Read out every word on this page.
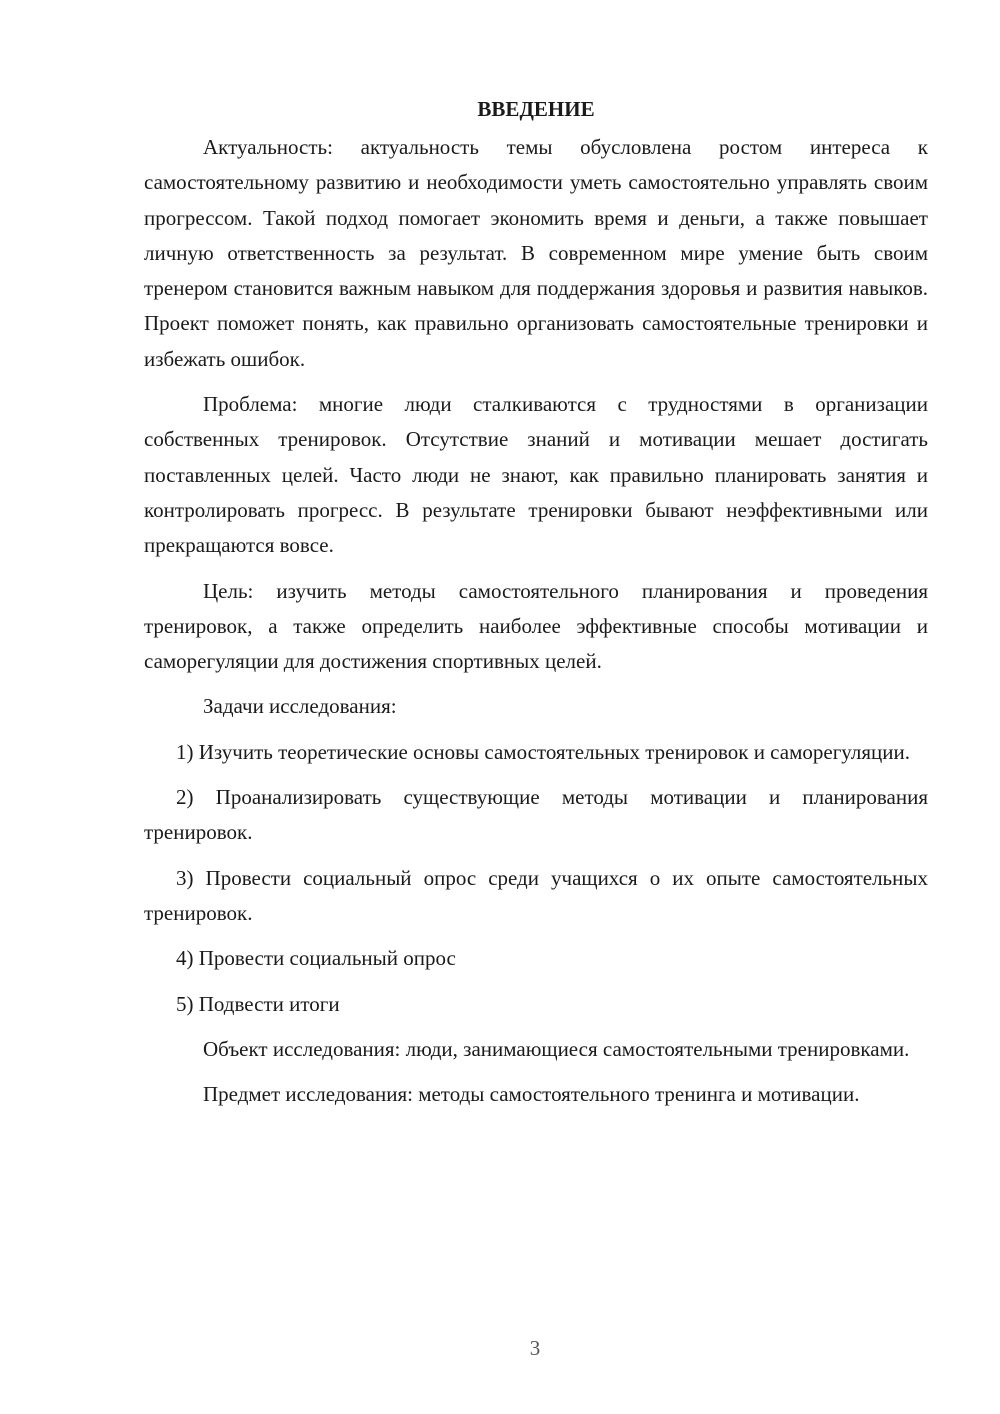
ВВЕДЕНИЕ

Актуальность: актуальность темы обусловлена ростом интереса к самостоятельному развитию и необходимости уметь самостоятельно управлять своим прогрессом. Такой подход помогает экономить время и деньги, а также повышает личную ответственность за результат. В современном мире умение быть своим тренером становится важным навыком для поддержания здоровья и развития навыков. Проект поможет понять, как правильно организовать самостоятельные тренировки и избежать ошибок.

Проблема: многие люди сталкиваются с трудностями в организации собственных тренировок. Отсутствие знаний и мотивации мешает достигать поставленных целей. Часто люди не знают, как правильно планировать занятия и контролировать прогресс. В результате тренировки бывают неэффективными или прекращаются вовсе.

Цель: изучить методы самостоятельного планирования и проведения тренировок, а также определить наиболее эффективные способы мотивации и саморегуляции для достижения спортивных целей.

Задачи исследования:

1) Изучить теоретические основы самостоятельных тренировок и саморегуляции.

2) Проанализировать существующие методы мотивации и планирования тренировок.

3) Провести социальный опрос среди учащихся о их опыте самостоятельных тренировок.

4) Провести социальный опрос

5) Подвести итоги

Объект исследования: люди, занимающиеся самостоятельными тренировками.

Предмет исследования: методы самостоятельного тренинга и мотивации.

3
